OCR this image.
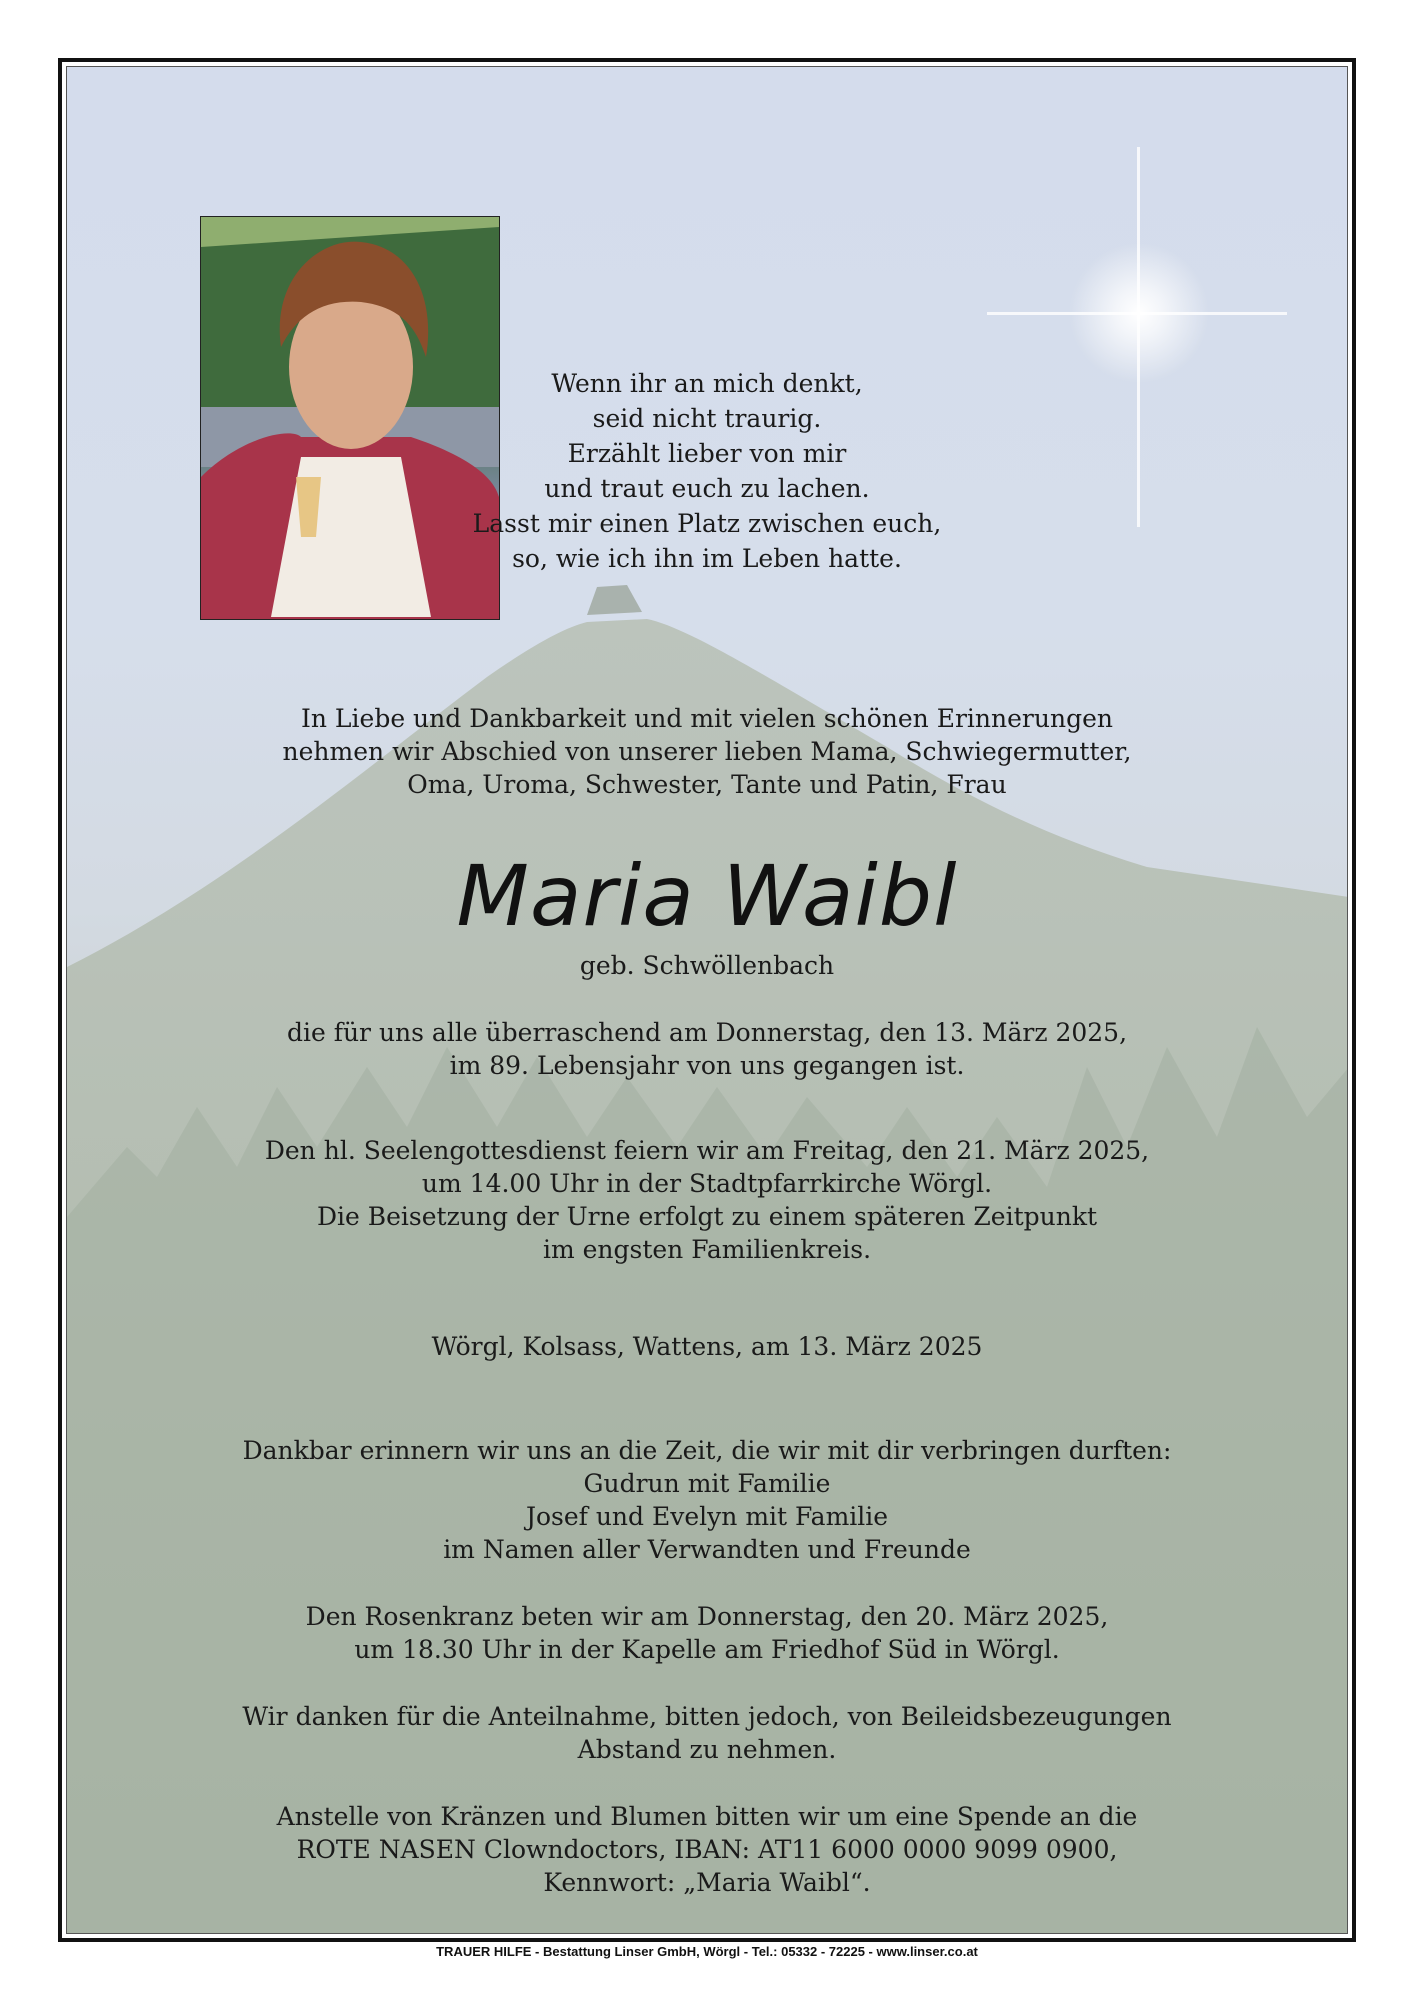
Wenn ihr an mich denkt,
seid nicht traurig.
Erzählt lieber von mir
und traut euch zu lachen.
Lasst mir einen Platz zwischen euch,
so, wie ich ihn im Leben hatte.
In Liebe und Dankbarkeit und mit vielen schönen Erinnerungen
nehmen wir Abschied von unserer lieben Mama, Schwiegermutter,
Oma, Uroma, Schwester, Tante und Patin, Frau
Maria Waibl
geb. Schwöllenbach
die für uns alle überraschend am Donnerstag, den 13. März 2025,
im 89. Lebensjahr von uns gegangen ist.
Den hl. Seelengottesdienst feiern wir am Freitag, den 21. März 2025,
um 14.00 Uhr in der Stadtpfarrkirche Wörgl.
Die Beisetzung der Urne erfolgt zu einem späteren Zeitpunkt
im engsten Familienkreis.
Wörgl, Kolsass, Wattens, am 13. März 2025
Dankbar erinnern wir uns an die Zeit, die wir mit dir verbringen durften:
Gudrun mit Familie
Josef und Evelyn mit Familie
im Namen aller Verwandten und Freunde
Den Rosenkranz beten wir am Donnerstag, den 20. März 2025,
um 18.30 Uhr in der Kapelle am Friedhof Süd in Wörgl.
Wir danken für die Anteilnahme, bitten jedoch, von Beileidsbezeugungen
Abstand zu nehmen.
Anstelle von Kränzen und Blumen bitten wir um eine Spende an die
ROTE NASEN Clowndoctors, IBAN: AT11 6000 0000 9099 0900,
Kennwort: „Maria Waibl“.
TRAUER HILFE - Bestattung Linser GmbH, Wörgl - Tel.: 05332 - 72225 - www.linser.co.at
